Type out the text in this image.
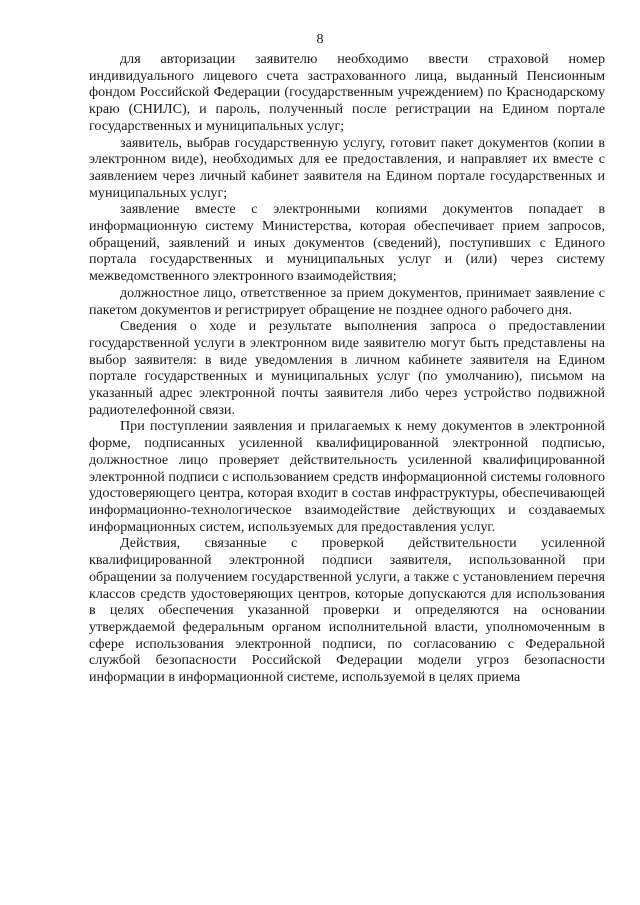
8

для авторизации заявителю необходимо ввести страховой номер индивидуального лицевого счета застрахованного лица, выданный Пенсионным фондом Российской Федерации (государственным учреждением) по Краснодарскому краю (СНИЛС), и пароль, полученный после регистрации на Едином портале государственных и муниципальных услуг;

заявитель, выбрав государственную услугу, готовит пакет документов (копии в электронном виде), необходимых для ее предоставления, и направляет их вместе с заявлением через личный кабинет заявителя на Едином портале государственных и муниципальных услуг;

заявление вместе с электронными копиями документов попадает в информационную систему Министерства, которая обеспечивает прием запросов, обращений, заявлений и иных документов (сведений), поступивших с Единого портала государственных и муниципальных услуг и (или) через систему межведомственного электронного взаимодействия;

должностное лицо, ответственное за прием документов, принимает заявление с пакетом документов и регистрирует обращение не позднее одного рабочего дня.

Сведения о ходе и результате выполнения запроса о предоставлении государственной услуги в электронном виде заявителю могут быть представлены на выбор заявителя: в виде уведомления в личном кабинете заявителя на Едином портале государственных и муниципальных услуг (по умолчанию), письмом на указанный адрес электронной почты заявителя либо через устройство подвижной радиотелефонной связи.

При поступлении заявления и прилагаемых к нему документов в электронной форме, подписанных усиленной квалифицированной электронной подписью, должностное лицо проверяет действительность усиленной квалифицированной электронной подписи с использованием средств информационной системы головного удостоверяющего центра, которая входит в состав инфраструктуры, обеспечивающей информационно-технологическое взаимодействие действующих и создаваемых информационных систем, используемых для предоставления услуг.

Действия, связанные с проверкой действительности усиленной квалифицированной электронной подписи заявителя, использованной при обращении за получением государственной услуги, а также с установлением перечня классов средств удостоверяющих центров, которые допускаются для использования в целях обеспечения указанной проверки и определяются на основании утверждаемой федеральным органом исполнительной власти, уполномоченным в сфере использования электронной подписи, по согласованию с Федеральной службой безопасности Российской Федерации модели угроз безопасности информации в информационной системе, используемой в целях приема
